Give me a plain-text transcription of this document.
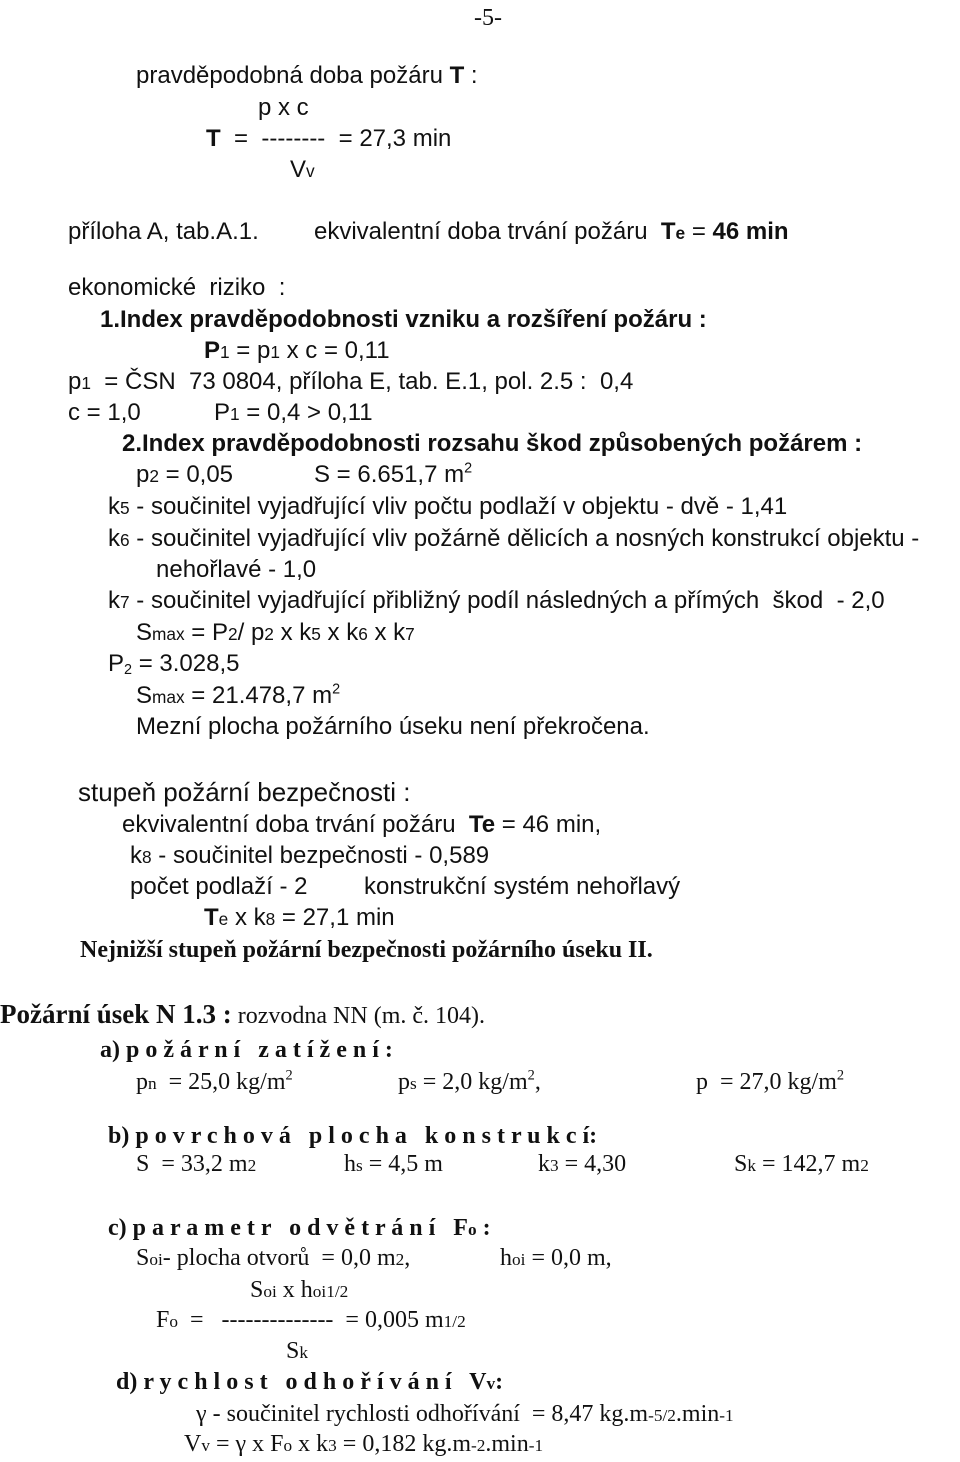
-5-
pravděpodobná doba požáru T :
p x c
T  =  --------  = 27,3 min
Vv
příloha A, tab.A.1. ekvivalentní doba trvání požáru  Te = 46 min
ekonomické  riziko  :
1.Index pravděpodobnosti vzniku a rozšíření požáru :
P1 = p1 x c = 0,11
p1  = ČSN  73 0804, příloha E, tab. E.1, pol. 2.5 :  0,4
c = 1,0	P1 = 0,4 > 0,11
2.Index pravděpodobnosti rozsahu škod způsobených požárem :
p2 = 0,05	S = 6.651,7 $m^2$
k5 - součinitel vyjadřující vliv počtu podlaží v objektu - dvě - 1,41
k6 - součinitel vyjadřující vliv požárně dělicích a nosných konstrukcí objektu -
nehořlavé - 1,0
k7 - součinitel vyjadřující přibližný podíl následných a přímých  škod  - 2,0
Smax = P2/ p2 x k5 x k6 x k7
$P_2 = 3.028,5$
Smax = 21.478,7 $m^2$
Mezní plocha požárního úseku není překročena.
stupeň požární bezpečnosti :
ekvivalentní doba trvání požáru  Te = 46 min,
k8 - součinitel bezpečnosti - 0,589
počet podlaží - 2 konstrukční systém nehořlavý
Te x k8 = 27,1 min
Nejnižší stupeň požární bezpečnosti požárního úseku II.
Požární úsek N 1.3 : rozvodna NN (m. č. 104).
a) p o ž á r n í   z a t í ž e n í :
pn  = 25,0 $kg/m^2$	ps = 2,0 $kg/m^2$,	p  = 27,0 $kg/m^2$
b) p o v r c h o v á   p l o c h a   k o n s t r u k c í:
S  = 33,2 m2	hs = 4,5 m	k3 = 4,30	Sk = 142,7 m2
c) p a r a m e t r   o d v ě t r á n í   Fo :
Soi- plocha otvorů  = 0,0 m2,	hoi = 0,0 m,
Soi x hoi1/2
Fo  =   --------------  = 0,005 m1/2
Sk
d) r y c h l o s t   o d h o ř í v á n í   Vv:
γ - součinitel rychlosti odhořívání  = 8,47 kg.m-5/2.min-1
Vv = γ x Fo x k3 = 0,182 kg.m-2.min-1
